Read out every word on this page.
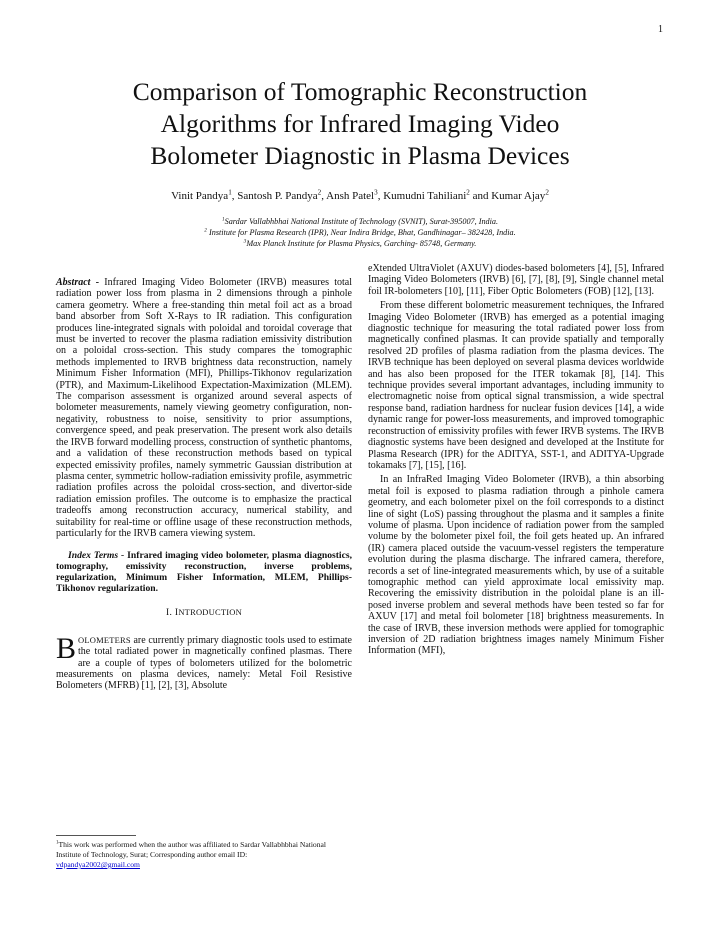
1
Comparison of Tomographic Reconstruction
Algorithms for Infrared Imaging Video
Bolometer Diagnostic in Plasma Devices
Vinit Pandya$^1$, Santosh P. Pandya$^2$, Ansh Patel$^3$, Kumudni Tahiliani$^2$ and Kumar Ajay$^2$
$^1$Sardar Vallabhbhai National Institute of Technology (SVNIT), Surat-395007, India.
$^2$ Institute for Plasma Research (IPR), Near Indira Bridge, Bhat, Gandhinagar– 382428, India.
$^3$Max Planck Institute for Plasma Physics, Garching- 85748, Germany.

Abstract - Infrared Imaging Video Bolometer (IRVB) measures total radiation power loss from plasma in 2 dimensions through a pinhole camera geometry. Where a free-standing thin metal foil act as a broad band absorber from Soft X-Rays to IR radiation. This configuration produces line-integrated signals with poloidal and toroidal coverage that must be inverted to recover the plasma radiation emissivity distribution on a poloidal cross-section. This study compares the tomographic methods implemented to IRVB brightness data reconstruction, namely Minimum Fisher Information (MFI), Phillips-Tikhonov regularization (PTR), and Maximum-Likelihood Expectation-Maximization (MLEM). The comparison assessment is organized around several aspects of bolometer measurements, namely viewing geometry configuration, non-negativity, robustness to noise, sensitivity to prior assumptions, convergence speed, and peak preservation. The present work also details the IRVB forward modelling process, construction of synthetic phantoms, and a validation of these reconstruction methods based on typical expected emissivity profiles, namely symmetric Gaussian distribution at plasma center, symmetric hollow-radiation emissivity profile, asymmetric radiation profiles across the poloidal cross-section, and divertor-side radiation emission profiles. The outcome is to emphasize the practical tradeoffs among reconstruction accuracy, numerical stability, and suitability for real-time or offline usage of these reconstruction methods, particularly for the IRVB camera viewing system.

Index Terms - Infrared imaging video bolometer, plasma diagnostics, tomography, emissivity reconstruction, inverse problems, regularization, Minimum Fisher Information, MLEM, Phillips-Tikhonov regularization.

I. INTRODUCTION

BOLOMETERS are currently primary diagnostic tools used to estimate the total radiated power in magnetically confined plasmas. There are a couple of types of bolometers utilized for the bolometric measurements on plasma devices, namely: Metal Foil Resistive Bolometers (MFRB) [1], [2], [3], Absolute

eXtended UltraViolet (AXUV) diodes-based bolometers [4], [5], Infrared Imaging Video Bolometers (IRVB) [6], [7], [8], [9], Single channel metal foil IR-bolometers [10], [11], Fiber Optic Bolometers (FOB) [12], [13].

From these different bolometric measurement techniques, the Infrared Imaging Video Bolometer (IRVB) has emerged as a potential imaging diagnostic technique for measuring the total radiated power loss from magnetically confined plasmas. It can provide spatially and temporally resolved 2D profiles of plasma radiation from the plasma devices. The IRVB technique has been deployed on several plasma devices worldwide and has also been proposed for the ITER tokamak [8], [14]. This technique provides several important advantages, including immunity to electromagnetic noise from optical signal transmission, a wide spectral response band, radiation hardness for nuclear fusion devices [14], a wide dynamic range for power-loss measurements, and improved tomographic reconstruction of emissivity profiles with fewer IRVB systems. The IRVB diagnostic systems have been designed and developed at the Institute for Plasma Research (IPR) for the ADITYA, SST-1, and ADITYA-Upgrade tokamaks [7], [15], [16].

In an InfraRed Imaging Video Bolometer (IRVB), a thin absorbing metal foil is exposed to plasma radiation through a pinhole camera geometry, and each bolometer pixel on the foil corresponds to a distinct line of sight (LoS) passing throughout the plasma and it samples a finite volume of plasma. Upon incidence of radiation power from the sampled volume by the bolometer pixel foil, the foil gets heated up. An infrared (IR) camera placed outside the vacuum-vessel registers the temperature evolution during the plasma discharge. The infrared camera, therefore, records a set of line-integrated measurements which, by use of a suitable tomographic method can yield approximate local emissivity map. Recovering the emissivity distribution in the poloidal plane is an ill-posed inverse problem and several methods have been tested so far for AXUV [17] and metal foil bolometer [18] brightness measurements. In the case of IRVB, these inversion methods were applied for tomographic inversion of 2D radiation brightness images namely Minimum Fisher Information (MFI),

$^1$This work was performed when the author was affiliated to Sardar Vallabhbhai National Institute of Technology, Surat; Corresponding author email ID:
vdpandya2002@gmail.com
